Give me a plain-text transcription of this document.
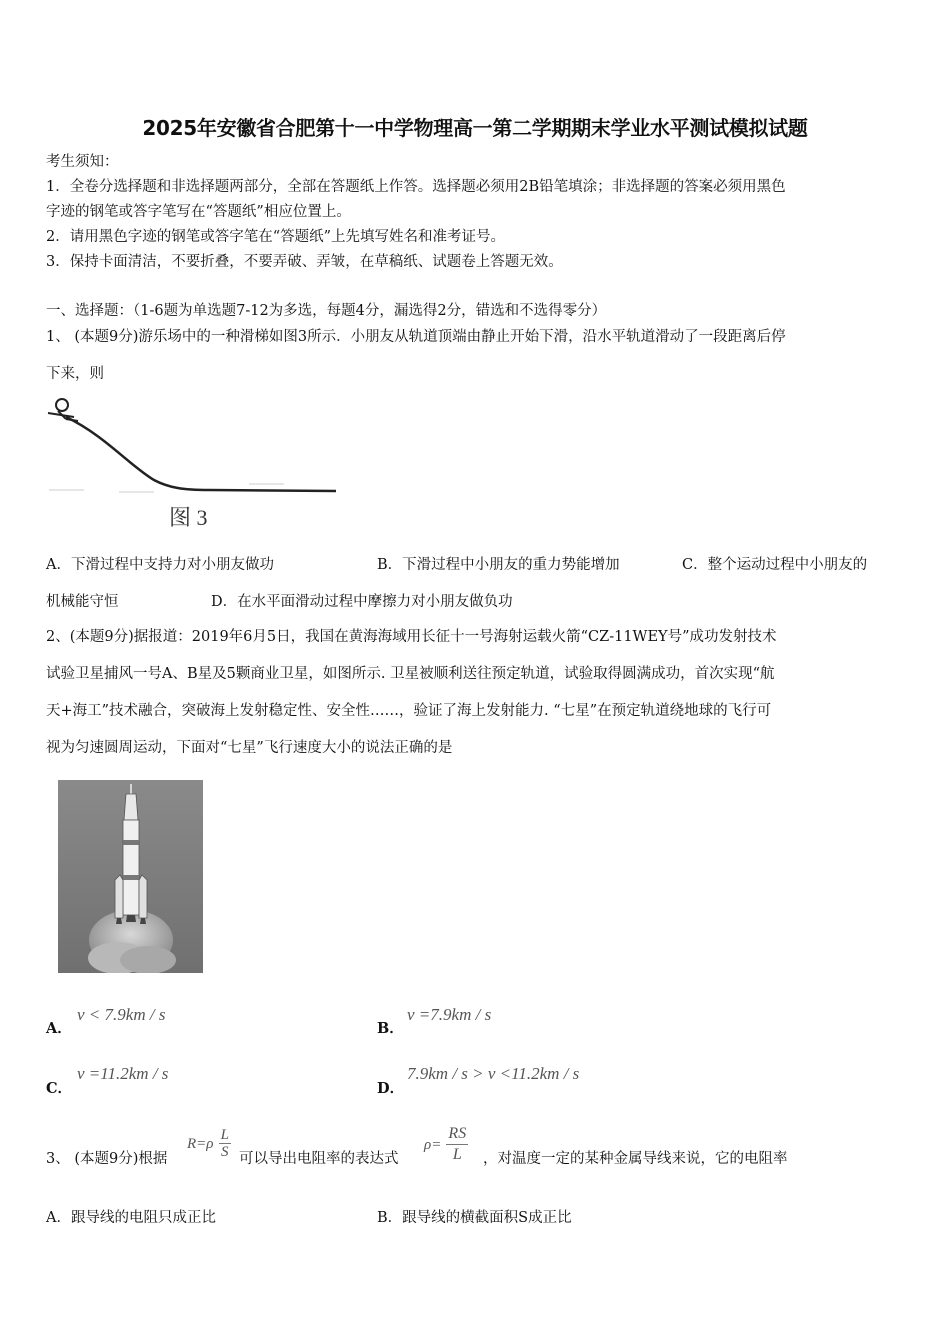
2025年安徽省合肥第十一中学物理高一第二学期期末学业水平测试模拟试题
考生须知：
1．全卷分选择题和非选择题两部分，全部在答题纸上作答。选择题必须用2B铅笔填涂；非选择题的答案必须用黑色
字迹的钢笔或答字笔写在“答题纸”相应位置上。
2．请用黑色字迹的钢笔或答字笔在“答题纸”上先填写姓名和准考证号。
3．保持卡面清洁，不要折叠，不要弄破、弄皱，在草稿纸、试题卷上答题无效。
一、选择题：（1-6题为单选题7-12为多选，每题4分，漏选得2分，错选和不选得零分）
1、 (本题9分)游乐场中的一种滑梯如图3所示．小朋友从轨道顶端由静止开始下滑，沿水平轨道滑动了一段距离后停
下来，则
图 3
A．下滑过程中支持力对小朋友做功	B．下滑过程中小朋友的重力势能增加	C．整个运动过程中小朋友的
机械能守恒	D．在水平面滑动过程中摩擦力对小朋友做负功
2、(本题9分)据报道：2019年6月5日，我国在黄海海域用长征十一号海射运载火箭“CZ-11WEY号”成功发射技术
试验卫星捕风一号A、B星及5颗商业卫星，如图所示. 卫星被顺利送往预定轨道，试验取得圆满成功，首次实现“航
天+海工”技术融合，突破海上发射稳定性、安全性……，验证了海上发射能力. “七星”在预定轨道绕地球的飞行可
视为匀速圆周运动，下面对“七星”飞行速度大小的说法正确的是
A．
v < 7.9km / s
B．
v =7.9km / s
C．
v =11.2km / s
D．
7.9km / s > v <11.2km / s
3、 (本题9分)根据
$R=\rho \frac{L}{S}$ 可以导出电阻率的表达式
$\rho= \frac{RS}{L}$ ，对温度一定的某种金属导线来说，它的电阻率
A．跟导线的电阻只成正比	B．跟导线的横截面积S成正比
